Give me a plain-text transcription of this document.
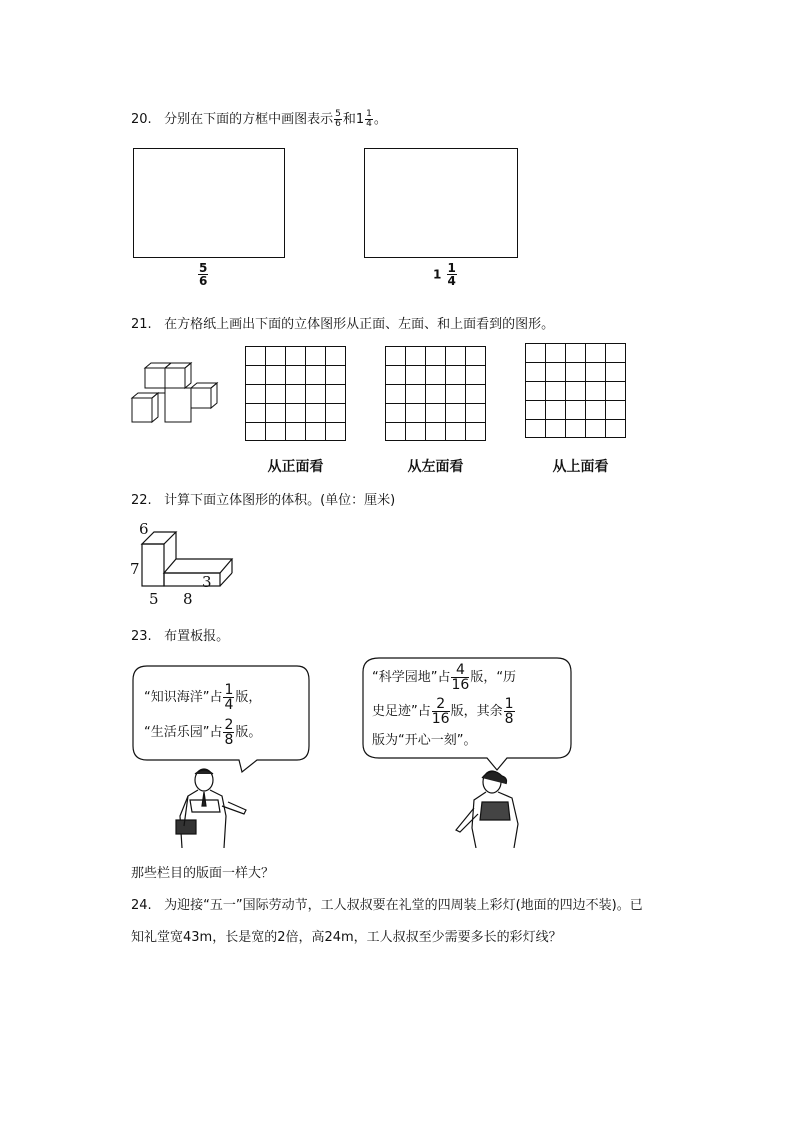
20. 分别在下面的方框中画图表示 $\frac{5}{6}$ 和$1 \frac{1}{4}$ 。
$\frac{5}{6}$	$1 \frac{1}{4}$
21. 在方格纸上画出下面的立体图形从正面、左面、和上面看到的图形。
从正面看	从左面看	从上面看
22. 计算下面立体图形的体积。(单位：厘米)
6
7
5 8
3
23. 布置板报。
“知识海洋”占 $\frac{1}{4}$ 版，
“生活乐园”占 $\frac{2}{8}$ 版。
“科学园地”占 $\frac{4}{16}$ 版，“历
史足迹”占 $\frac{2}{16}$ 版，其余 $\frac{1}{8}$
版为“开心一刻”。
那些栏目的版面一样大？
24. 为迎接“五一”国际劳动节，工人叔叔要在礼堂的四周装上彩灯(地面的四边不装)。已
知礼堂宽43m，长是宽的2倍，高24m，工人叔叔至少需要多长的彩灯线？
